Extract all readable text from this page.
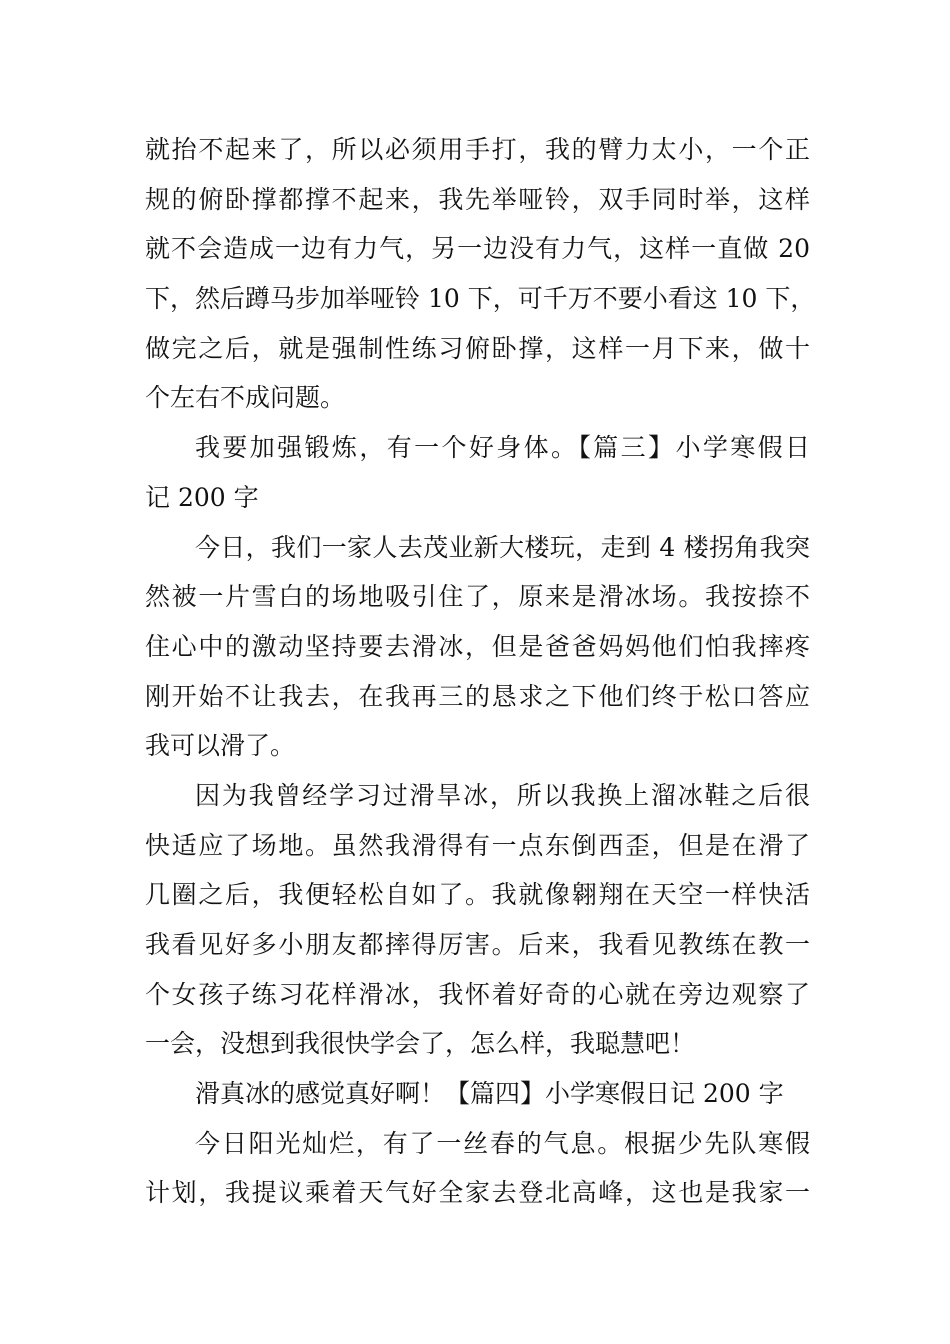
就抬不起来了，所以必须用手打，我的臂力太小，一个正
规的俯卧撑都撑不起来，我先举哑铃，双手同时举，这样
就不会造成一边有力气，另一边没有力气，这样一直做 20
下，然后蹲马步加举哑铃 10 下，可千万不要小看这 10 下，
做完之后，就是强制性练习俯卧撑，这样一月下来，做十
个左右不成问题。
我要加强锻炼，有一个好身体。【篇三】小学寒假日
记 200 字
今日，我们一家人去茂业新大楼玩，走到 4 楼拐角我突
然被一片雪白的场地吸引住了，原来是滑冰场。我按捺不
住心中的激动坚持要去滑冰，但是爸爸妈妈他们怕我摔疼
刚开始不让我去，在我再三的恳求之下他们终于松口答应
我可以滑了。
因为我曾经学习过滑旱冰，所以我换上溜冰鞋之后很
快适应了场地。虽然我滑得有一点东倒西歪，但是在滑了
几圈之后，我便轻松自如了。我就像翱翔在天空一样快活
我看见好多小朋友都摔得厉害。后来，我看见教练在教一
个女孩子练习花样滑冰，我怀着好奇的心就在旁边观察了
一会，没想到我很快学会了，怎么样，我聪慧吧！
滑真冰的感觉真好啊！【篇四】小学寒假日记 200 字
今日阳光灿烂，有了一丝春的气息。根据少先队寒假
计划，我提议乘着天气好全家去登北高峰，这也是我家一
